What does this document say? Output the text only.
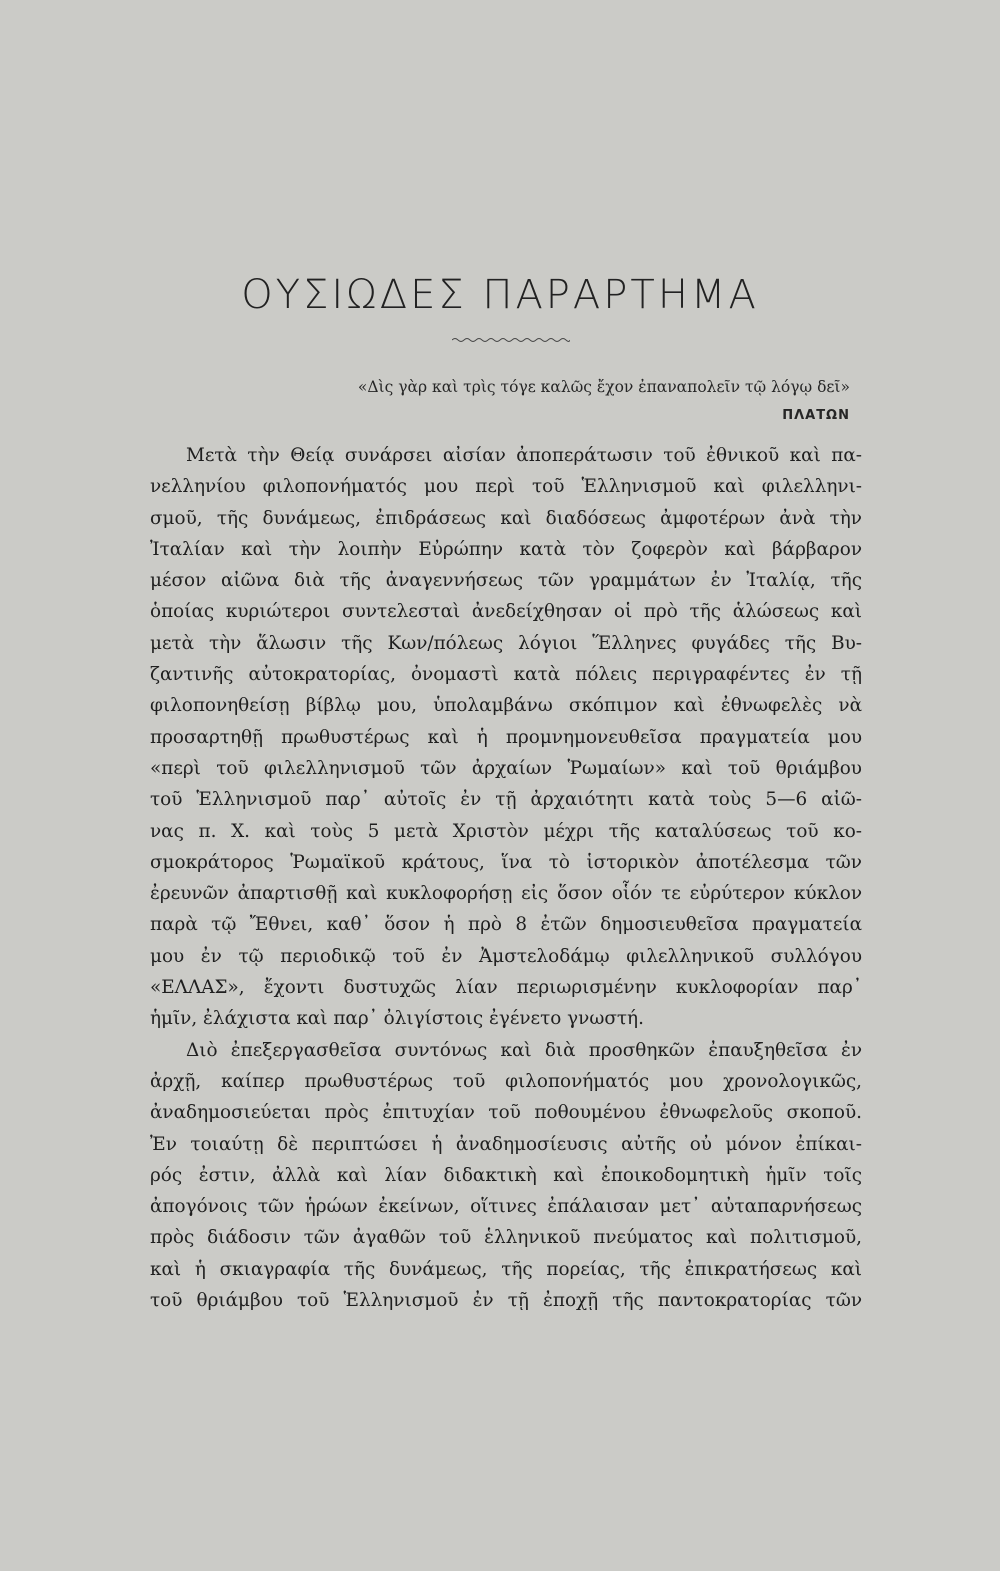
ΟΥΣΙΩΔΕΣ ΠΑΡΑΡΤΗΜΑ
«Δὶς γὰρ καὶ τρὶς τόγε καλῶς ἔχον ἐπαναπολεῖν τῷ λόγῳ δεῖ»
ΠΛΑΤΩΝ
Μετὰ τὴν Θείᾳ συνάρσει αἰσίαν ἀποπεράτωσιν τοῦ ἐθνικοῦ καὶ πα-
νελληνίου φιλοπονήματός μου περὶ τοῦ Ἑλληνισμοῦ καὶ φιλελληνι-
σμοῦ, τῆς δυνάμεως, ἐπιδράσεως καὶ διαδόσεως ἀμφοτέρων ἀνὰ τὴν
Ἰταλίαν καὶ τὴν λοιπὴν Εὐρώπην κατὰ τὸν ζοφερὸν καὶ βάρβαρον
μέσον αἰῶνα διὰ τῆς ἀναγεννήσεως τῶν γραμμάτων ἐν Ἰταλίᾳ, τῆς
ὁποίας κυριώτεροι συντελεσταὶ ἀνεδείχθησαν οἱ πρὸ τῆς ἁλώσεως καὶ
μετὰ τὴν ἅλωσιν τῆς Κων/πόλεως λόγιοι Ἕλληνες φυγάδες τῆς Βυ-
ζαντινῆς αὐτοκρατορίας, ὀνομαστὶ κατὰ πόλεις περιγραφέντες ἐν τῇ
φιλοπονηθείσῃ βίβλῳ μου, ὑπολαμβάνω σκόπιμον καὶ ἐθνωφελὲς νὰ
προσαρτηθῇ πρωθυστέρως καὶ ἡ προμνημονευθεῖσα πραγματεία μου
«περὶ τοῦ φιλελληνισμοῦ τῶν ἀρχαίων Ῥωμαίων» καὶ τοῦ θριάμβου
τοῦ Ἑλληνισμοῦ παρ᾽ αὐτοῖς ἐν τῇ ἀρχαιότητι κατὰ τοὺς 5—6 αἰῶ-
νας π. Χ. καὶ τοὺς 5 μετὰ Χριστὸν μέχρι τῆς καταλύσεως τοῦ κο-
σμοκράτορος Ῥωμαϊκοῦ κράτους, ἵνα τὸ ἱστορικὸν ἀποτέλεσμα τῶν
ἐρευνῶν ἀπαρτισθῇ καὶ κυκλοφορήσῃ εἰς ὅσον οἷόν τε εὐρύτερον κύκλον
παρὰ τῷ Ἔθνει, καθ᾽ ὅσον ἡ πρὸ 8 ἐτῶν δημοσιευθεῖσα πραγματεία
μου ἐν τῷ περιοδικῷ τοῦ ἐν Ἀμστελοδάμῳ φιλελληνικοῦ συλλόγου
«ΕΛΛΑΣ», ἔχοντι δυστυχῶς λίαν περιωρισμένην κυκλοφορίαν παρ᾽
ἡμῖν, ἐλάχιστα καὶ παρ᾽ ὀλιγίστοις ἐγένετο γνωστή.
Διὸ ἐπεξεργασθεῖσα συντόνως καὶ διὰ προσθηκῶν ἐπαυξηθεῖσα ἐν
ἀρχῇ, καίπερ πρωθυστέρως τοῦ φιλοπονήματός μου χρονολογικῶς,
ἀναδημοσιεύεται πρὸς ἐπιτυχίαν τοῦ ποθουμένου ἐθνωφελοῦς σκοποῦ.
Ἐν τοιαύτῃ δὲ περιπτώσει ἡ ἀναδημοσίευσις αὐτῆς οὐ μόνον ἐπίκαι-
ρός ἐστιν, ἀλλὰ καὶ λίαν διδακτικὴ καὶ ἐποικοδομητικὴ ἡμῖν τοῖς
ἀπογόνοις τῶν ἡρώων ἐκείνων, οἵτινες ἐπάλαισαν μετ᾽ αὐταπαρνήσεως
πρὸς διάδοσιν τῶν ἀγαθῶν τοῦ ἑλληνικοῦ πνεύματος καὶ πολιτισμοῦ,
καὶ ἡ σκιαγραφία τῆς δυνάμεως, τῆς πορείας, τῆς ἐπικρατήσεως καὶ
τοῦ θριάμβου τοῦ Ἑλληνισμοῦ ἐν τῇ ἐποχῇ τῆς παντοκρατορίας τῶν
